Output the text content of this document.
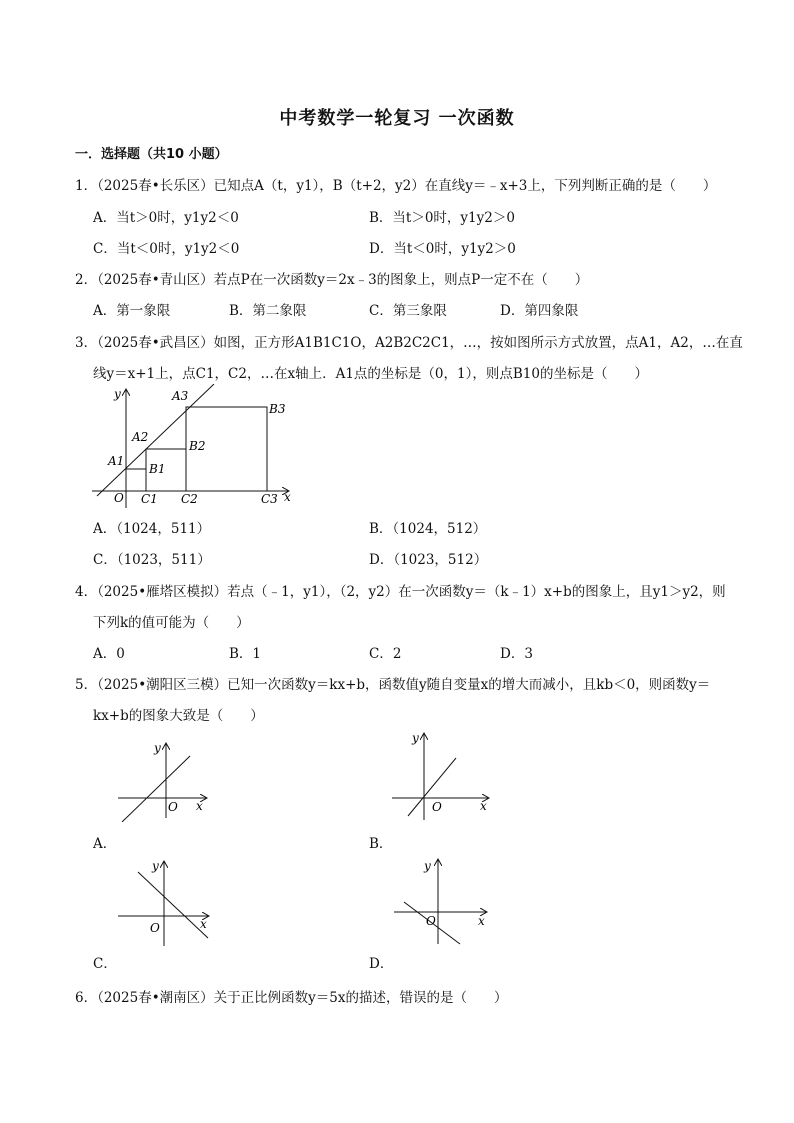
中考数学一轮复习 一次函数
一．选择题（共10 小题）
1．（2025春•长乐区）已知点A（t，y1），B（t+2，y2）在直线y＝﹣x+3上，下列判断正确的是（　　）
A．当t＞0时，y1y2＜0	B．当t＞0时，y1y2＞0
C．当t＜0时，y1y2＜0	D．当t＜0时，y1y2＞0
2．（2025春•青山区）若点P在一次函数y＝2x﹣3的图象上，则点P一定不在（　　）
A．第一象限	B．第二象限	C．第三象限	D．第四象限
3．（2025春•武昌区）如图，正方形A1B1C1O，A2B2C2C1，…，按如图所示方式放置，点A1，A2，…在直
线y＝x+1上，点C1，C2，…在x轴上．A1点的坐标是（0，1），则点B10的坐标是（　　）
y
x
O
A1
A2
A3
B1
B2
B3
C1 C2	C3
A．（1024，511）	B．（1024，512）
C．（1023，511）	D．（1023，512）
4．（2025•雁塔区模拟）若点（﹣1，y1），（2，y2）在一次函数y＝（k﹣1）x+b的图象上，且y1＞y2，则
下列k的值可能为（　　）
A．0	B．1	C．2	D．3
5．（2025•潮阳区三模）已知一次函数y＝kx+b，函数值y随自变量x的增大而减小，且kb＜0，则函数y＝
kx+b的图象大致是（　　）
y
x
O
A．
y
x
O
B．
y
x
O
C．
y
x
O
D．
6．（2025春•潮南区）关于正比例函数y＝5x的描述，错误的是（　　）
